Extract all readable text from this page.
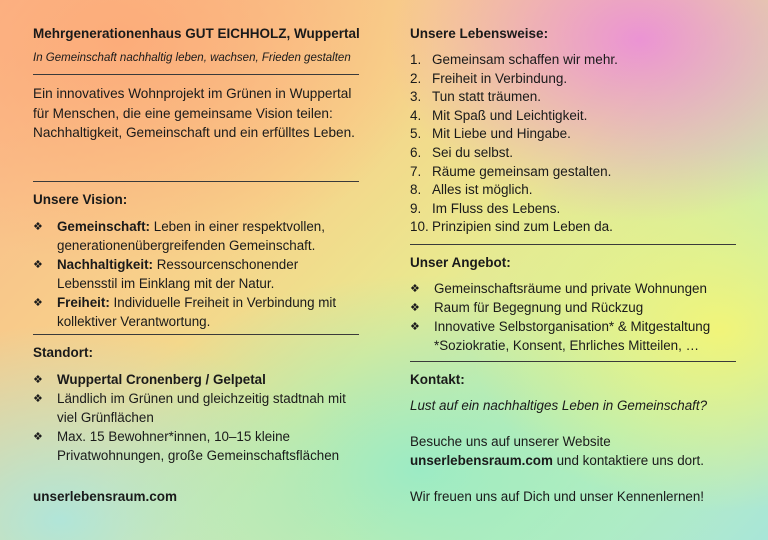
Mehrgenerationenhaus GUT EICHHOLZ, Wuppertal
In Gemeinschaft nachhaltig leben, wachsen, Frieden gestalten
Ein innovatives Wohnprojekt im Grünen in Wuppertal für Menschen, die eine gemeinsame Vision teilen: Nachhaltigkeit, Gemeinschaft und ein erfülltes Leben.
Unsere Vision:
❖ Gemeinschaft: Leben in einer respektvollen, generationenübergreifenden Gemeinschaft.
❖ Nachhaltigkeit: Ressourcenschonender Lebensstil im Einklang mit der Natur.
❖ Freiheit: Individuelle Freiheit in Verbindung mit kollektiver Verantwortung.
Standort:
❖ Wuppertal Cronenberg / Gelpetal
❖ Ländlich im Grünen und gleichzeitig stadtnah mit viel Grünflächen
❖ Max. 15 Bewohner*innen, 10–15 kleine Privatwohnungen, große Gemeinschaftsflächen
unserlebensraum.com
Unsere Lebensweise:
1. Gemeinsam schaffen wir mehr.
2. Freiheit in Verbindung.
3. Tun statt träumen.
4. Mit Spaß und Leichtigkeit.
5. Mit Liebe und Hingabe.
6. Sei du selbst.
7. Räume gemeinsam gestalten.
8. Alles ist möglich.
9. Im Fluss des Lebens.
10. Prinzipien sind zum Leben da.
Unser Angebot:
❖ Gemeinschaftsräume und private Wohnungen
❖ Raum für Begegnung und Rückzug
❖ Innovative Selbstorganisation* & Mitgestaltung *Soziokratie, Konsent, Ehrliches Mitteilen, …
Kontakt:
Lust auf ein nachhaltiges Leben in Gemeinschaft?
Besuche uns auf unserer Website
unserlebensraum.com und kontaktiere uns dort.
Wir freuen uns auf Dich und unser Kennenlernen!
